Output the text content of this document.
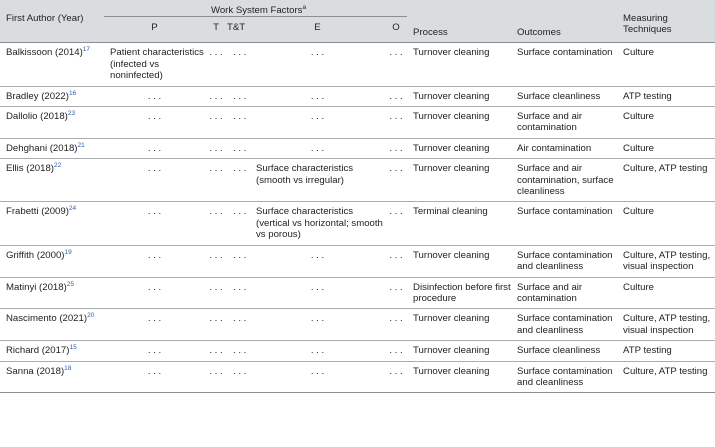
First Author (Year)	Work System Factors$^a$					Process	Outcomes	Measuring Techniques
	P	T	T&T	E	O			
Balkissoon (2014)$^{17}$	Patient characteristics (infected vs noninfected)	. . .	. . .	. . .	. . .	Turnover cleaning	Surface contamination	Culture
Bradley (2022)$^{16}$	. . .	. . .	. . .	. . .	. . .	Turnover cleaning	Surface cleanliness	ATP testing
Dallolio (2018)$^{23}$	. . .	. . .	. . .	. . .	. . .	Turnover cleaning	Surface and air contamination	Culture
Dehghani (2018)$^{21}$	. . .	. . .	. . .	. . .	. . .	Turnover cleaning	Air contamination	Culture
Ellis (2018)$^{22}$	. . .	. . .	. . .	Surface characteristics (smooth vs irregular)	. . .	Turnover cleaning	Surface and air contamination, surface cleanliness	Culture, ATP testing
Frabetti (2009)$^{24}$	. . .	. . .	. . .	Surface characteristics (vertical vs horizontal; smooth vs porous)	. . .	Terminal cleaning	Surface contamination	Culture
Griffith (2000)$^{19}$	. . .	. . .	. . .	. . .	. . .	Turnover cleaning	Surface contamination and cleanliness	Culture, ATP testing, visual inspection
Matinyi (2018)$^{25}$	. . .	. . .	. . .	. . .	. . .	Disinfection before first procedure	Surface and air contamination	Culture
Nascimento (2021)$^{20}$	. . .	. . .	. . .	. . .	. . .	Turnover cleaning	Surface contamination and cleanliness	Culture, ATP testing, visual inspection
Richard (2017)$^{15}$	. . .	. . .	. . .	. . .	. . .	Turnover cleaning	Surface cleanliness	ATP testing
Sanna (2018)$^{18}$	. . .	. . .	. . .	. . .	. . .	Turnover cleaning	Surface contamination and cleanliness	Culture, ATP testing
